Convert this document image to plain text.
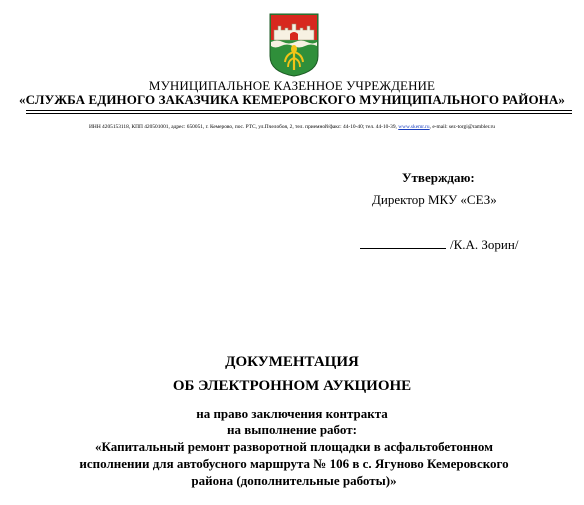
МУНИЦИПАЛЬНОЕ КАЗЕННОЕ УЧРЕЖДЕНИЕ
«СЛУЖБА ЕДИНОГО ЗАКАЗЧИКА КЕМЕРОВСКОГО МУНИЦИПАЛЬНОГО РАЙОНА»
ИНН 4205153118, КПП 420501001, адрес: 650051, г. Кемерово, пос. РТС, ул.Пчелобоя, 2, тел. приемной/факс: 44-10-40; тел. 44-10-39, www.skemr.ru, e-mail: sez-torgi@rambler.ru
Утверждаю:
Директор МКУ «СЕЗ»
/К.А. Зорин/
ДОКУМЕНТАЦИЯ
ОБ ЭЛЕКТРОННОМ АУКЦИОНЕ
на право заключения контракта
на выполнение работ:
«Капитальный ремонт разворотной площадки в асфальтобетонном
исполнении для автобусного маршрута № 106 в с. Ягуново Кемеровского
района (дополнительные работы)»
